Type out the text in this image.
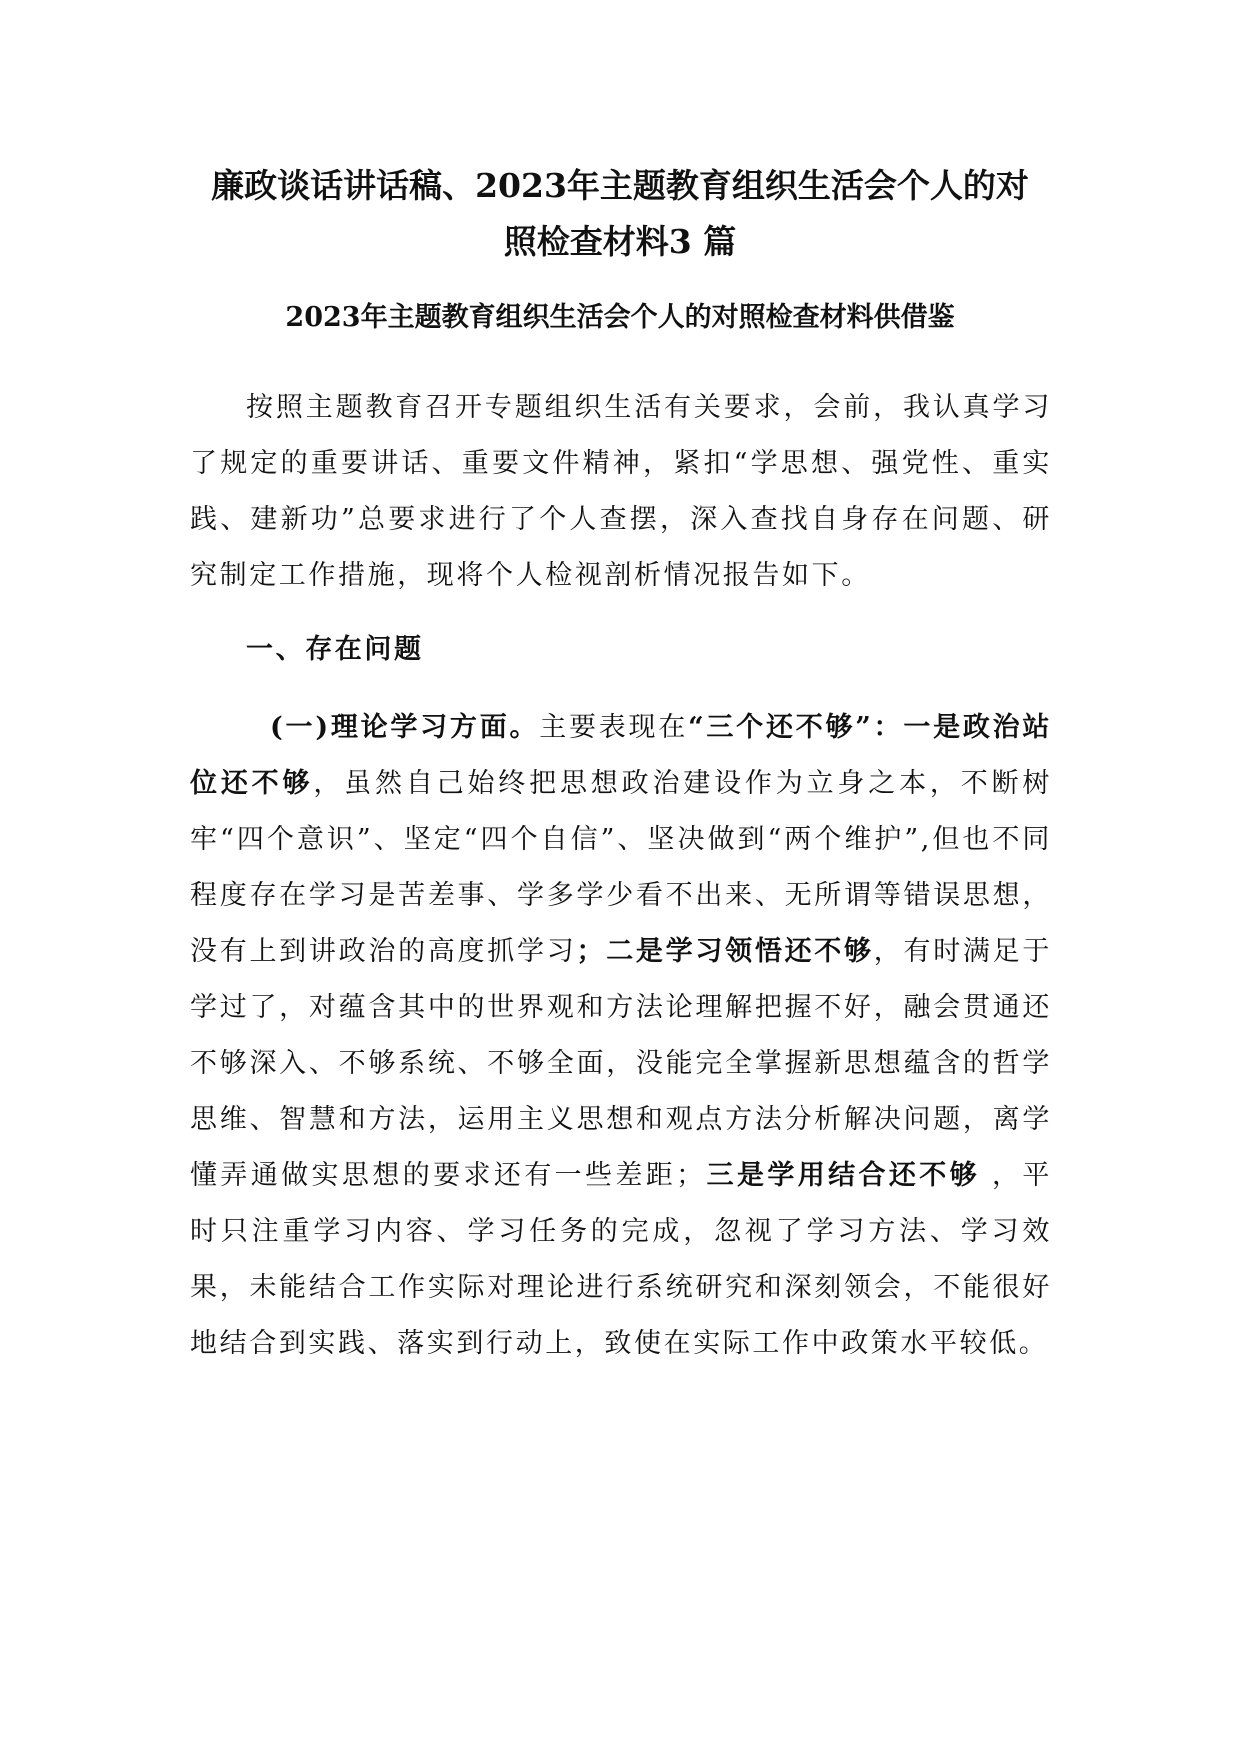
廉政谈话讲话稿、2023年主题教育组织生活会个人的对
照检查材料3 篇
2023年主题教育组织生活会个人的对照检查材料供借鉴

按照主题教育召开专题组织生活有关要求，会前，我认真学习了规定的重要讲话、重要文件精神，紧扣“学思想、强党性、重实践、建新功”总要求进行了个人查摆，深入查找自身存在问题、研究制定工作措施，现将个人检视剖析情况报告如下。

一、存在问题

(一)理论学习方面。主要表现在“三个还不够”：一是政治站位还不够，虽然自己始终把思想政治建设作为立身之本，不断树牢“四个意识”、坚定“四个自信”、坚决做到“两个维护”,但也不同程度存在学习是苦差事、学多学少看不出来、无所谓等错误思想，没有上到讲政治的高度抓学习；二是学习领悟还不够，有时满足于学过了，对蕴含其中的世界观和方法论理解把握不好，融会贯通还不够深入、不够系统、不够全面，没能完全掌握新思想蕴含的哲学思维、智慧和方法，运用主义思想和观点方法分析解决问题，离学懂弄通做实思想的要求还有一些差距；三是学用结合还不够 ，平时只注重学习内容、学习任务的完成，忽视了学习方法、学习效果，未能结合工作实际对理论进行系统研究和深刻领会，不能很好地结合到实践、落实到行动上，致使在实际工作中政策水平较低。
